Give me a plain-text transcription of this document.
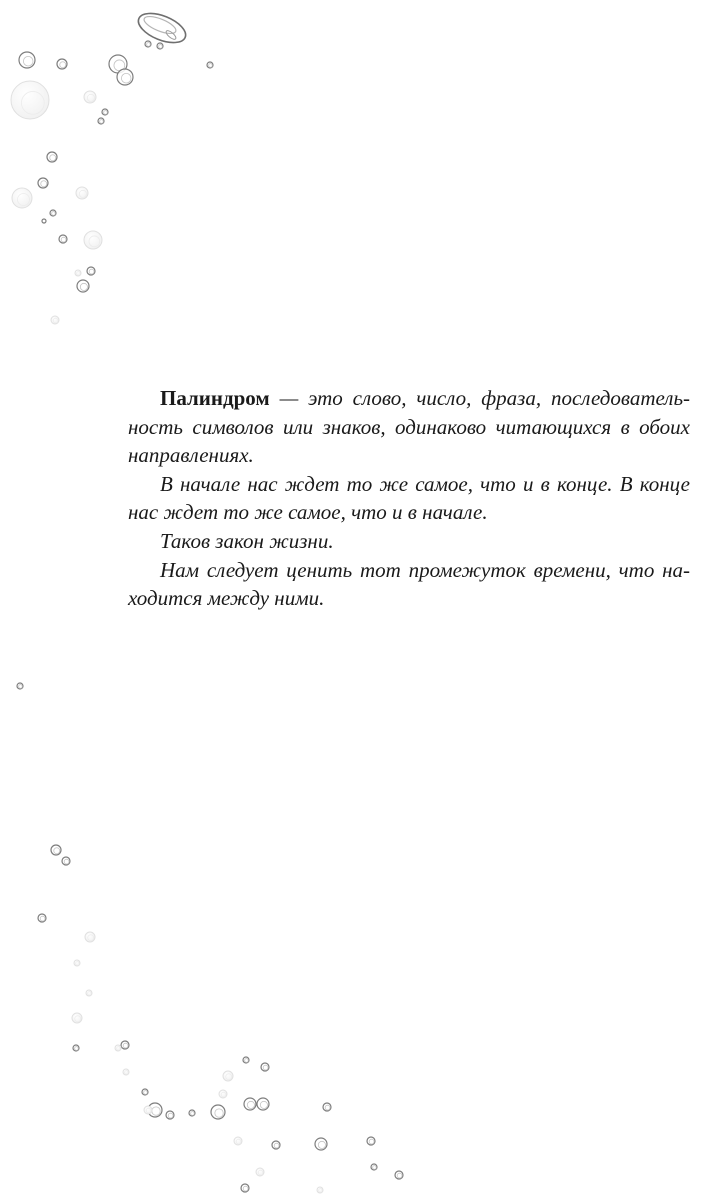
Палиндром — это слово, число, фраза, последователь-
ность символов или знаков, одинаково читающихся в обоих
направлениях.
В начале нас ждет то же самое, что и в конце. В конце
нас ждет то же самое, что и в начале.
Таков закон жизни.
Нам следует ценить тот промежуток времени, что на-
ходится между ними.
